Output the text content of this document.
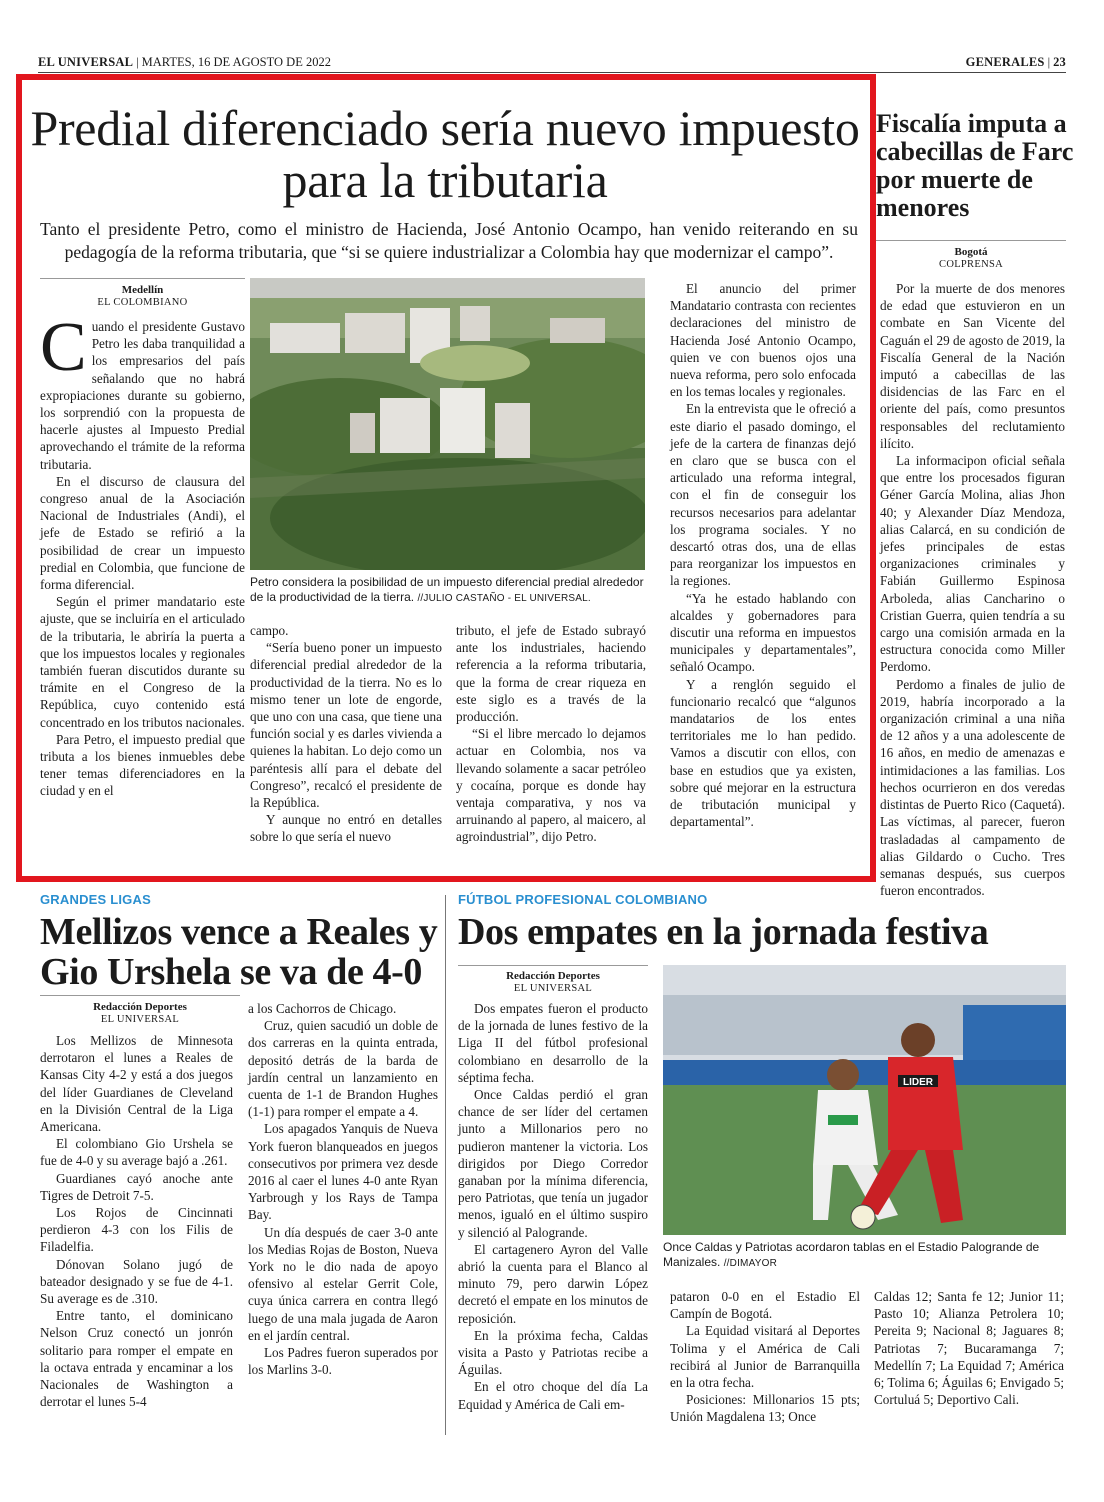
EL UNIVERSAL | MARTES, 16 DE AGOSTO DE 2022	GENERALES | 23
Predial diferenciado sería nuevo impuesto para la tributaria

Tanto el presidente Petro, como el ministro de Hacienda, José Antonio Ocampo, han venido reiterando en su pedagogía de la reforma tributaria, que “si se quiere industrializar a Colombia hay que modernizar el campo”.

Medellín
EL COLOMBIANO

Cuando el presidente Gustavo Petro les daba tranquilidad a los empresarios del país señalando que no habrá expropiaciones durante su gobierno, los sorprendió con la propuesta de hacerle ajustes al Impuesto Predial aprovechando el trámite de la reforma tributaria.

En el discurso de clausura del congreso anual de la Asociación Nacional de Industriales (Andi), el jefe de Estado se refirió a la posibilidad de crear un impuesto predial en Colombia, que funcione de forma diferencial.

Según el primer mandatario este ajuste, que se incluiría en el articulado de la tributaria, le abriría la puerta a que los impuestos locales y regionales también fueran discutidos durante su trámite en el Congreso de la República, cuyo contenido está concentrado en los tributos nacionales.

Para Petro, el impuesto predial que tributa a los bienes inmuebles debe tener temas diferenciadores en la ciudad y en el

Petro considera la posibilidad de un impuesto diferencial predial alrededor de la productividad de la tierra. //JULIO CASTAÑO - EL UNIVERSAL.

campo.

“Sería bueno poner un impuesto diferencial predial alrededor de la productividad de la tierra. No es lo mismo tener un lote de engorde, que uno con una casa, que tiene una función social y es darles vivienda a quienes la habitan. Lo dejo como un paréntesis allí para el debate del Congreso”, recalcó el presidente de la República.

Y aunque no entró en detalles sobre lo que sería el nuevo

tributo, el jefe de Estado subrayó ante los industriales, haciendo referencia a la reforma tributaria, que la forma de crear riqueza en este siglo es a través de la producción.

“Si el libre mercado lo dejamos actuar en Colombia, nos va llevando solamente a sacar petróleo y cocaína, porque es donde hay ventaja comparativa, y nos va arruinando al papero, al maicero, al agroindustrial”, dijo Petro.

El anuncio del primer Mandatario contrasta con recientes declaraciones del ministro de Hacienda José Antonio Ocampo, quien ve con buenos ojos una nueva reforma, pero solo enfocada en los temas locales y regionales.

En la entrevista que le ofreció a este diario el pasado domingo, el jefe de la cartera de finanzas dejó en claro que se busca con el articulado una reforma integral, con el fin de conseguir los recursos necesarios para adelantar los programa sociales. Y no descartó otras dos, una de ellas para reorganizar los impuestos en la regiones.

“Ya he estado hablando con alcaldes y gobernadores para discutir una reforma en impuestos municipales y departamentales”, señaló Ocampo.

Y a renglón seguido el funcionario recalcó que “algunos mandatarios de los entes territoriales me lo han pedido. Vamos a discutir con ellos, con base en estudios que ya existen, sobre qué mejorar en la estructura de tributación municipal y departamental”.

Fiscalía imputa a cabecillas de Farc por muerte de menores
Bogotá
COLPRENSA

Por la muerte de dos menores de edad que estuvieron en un combate en San Vicente del Caguán el 29 de agosto de 2019, la Fiscalía General de la Nación imputó a cabecillas de las disidencias de las Farc en el oriente del país, como presuntos responsables del reclutamiento ilícito.

La informacipon oficial señala que entre los procesados figuran Géner García Molina, alias Jhon 40; y Alexander Díaz Mendoza, alias Calarcá, en su condición de jefes principales de estas organizaciones criminales y Fabián Guillermo Espinosa Arboleda, alias Cancharino o Cristian Guerra, quien tendría a su cargo una comisión armada en la estructura conocida como Miller Perdomo.

Perdomo a finales de julio de 2019, habría incorporado a la organización criminal a una niña de 12 años y a una adolescente de 16 años, en medio de amenazas e intimidaciones a las familias. Los hechos ocurrieron en dos veredas distintas de Puerto Rico (Caquetá). Las víctimas, al parecer, fueron trasladadas al campamento de alias Gildardo o Cucho. Tres semanas después, sus cuerpos fueron encontrados.

GRANDES LIGAS
Mellizos vence a Reales y Gio Urshela se va de 4-0
Redacción Deportes
EL UNIVERSAL

Los Mellizos de Minnesota derrotaron el lunes a Reales de Kansas City 4-2 y está a dos juegos del líder Guardianes de Cleveland en la División Central de la Liga Americana.

El colombiano Gio Urshela se fue de 4-0 y su average bajó a .261.

Guardianes cayó anoche ante Tigres de Detroit 7-5.

Los Rojos de Cincinnati perdieron 4-3 con los Filis de Filadelfia.

Dónovan Solano jugó de bateador designado y se fue de 4-1. Su average es de .310.

Entre tanto, el dominicano Nelson Cruz conectó un jonrón solitario para romper el empate en la octava entrada y encaminar a los Nacionales de Washington a derrotar el lunes 5-4

a los Cachorros de Chicago.

Cruz, quien sacudió un doble de dos carreras en la quinta entrada, depositó detrás de la barda de jardín central un lanzamiento en cuenta de 1-1 de Brandon Hughes (1-1) para romper el empate a 4.

Los apagados Yanquis de Nueva York fueron blanqueados en juegos consecutivos por primera vez desde 2016 al caer el lunes 4-0 ante Ryan Yarbrough y los Rays de Tampa Bay.

Un día después de caer 3-0 ante los Medias Rojas de Boston, Nueva York no le dio nada de apoyo ofensivo al estelar Gerrit Cole, cuya única carrera en contra llegó luego de una mala jugada de Aaron en el jardín central.

Los Padres fueron superados por los Marlins 3-0.

FÚTBOL PROFESIONAL COLOMBIANO
Dos empates en la jornada festiva
Redacción Deportes
EL UNIVERSAL

Dos empates fueron el producto de la jornada de lunes festivo de la Liga II del fútbol profesional colombiano en desarrollo de la séptima fecha.

Once Caldas perdió el gran chance de ser líder del certamen junto a Millonarios pero no pudieron mantener la victoria. Los dirigidos por Diego Corredor ganaban por la mínima diferencia, pero Patriotas, que tenía un jugador menos, igualó en el último suspiro y silenció al Palogrande.

El cartagenero Ayron del Valle abrió la cuenta para el Blanco al minuto 79, pero darwin López decretó el empate en los minutos de reposición.

En la próxima fecha, Caldas visita a Pasto y Patriotas recibe a Águilas.

En el otro choque del día La Equidad y América de Cali em-

LIDER
Once Caldas y Patriotas acordaron tablas en el Estadio Palogrande de Manizales. //DIMAYOR

pataron 0-0 en el Estadio El Campín de Bogotá.

La Equidad visitará al Deportes Tolima y el América de Cali recibirá al Junior de Barranquilla en la otra fecha.

Posiciones: Millonarios 15 pts; Unión Magdalena 13; Once

Caldas 12; Santa fe 12; Junior 11; Pasto 10; Alianza Petrolera 10; Pereita 9; Nacional 8; Jaguares 8; Patriotas 7; Bucaramanga 7; Medellín 7; La Equidad 7; América 6; Tolima 6; Águilas 6; Envigado 5; Cortuluá 5; Deportivo Cali.
